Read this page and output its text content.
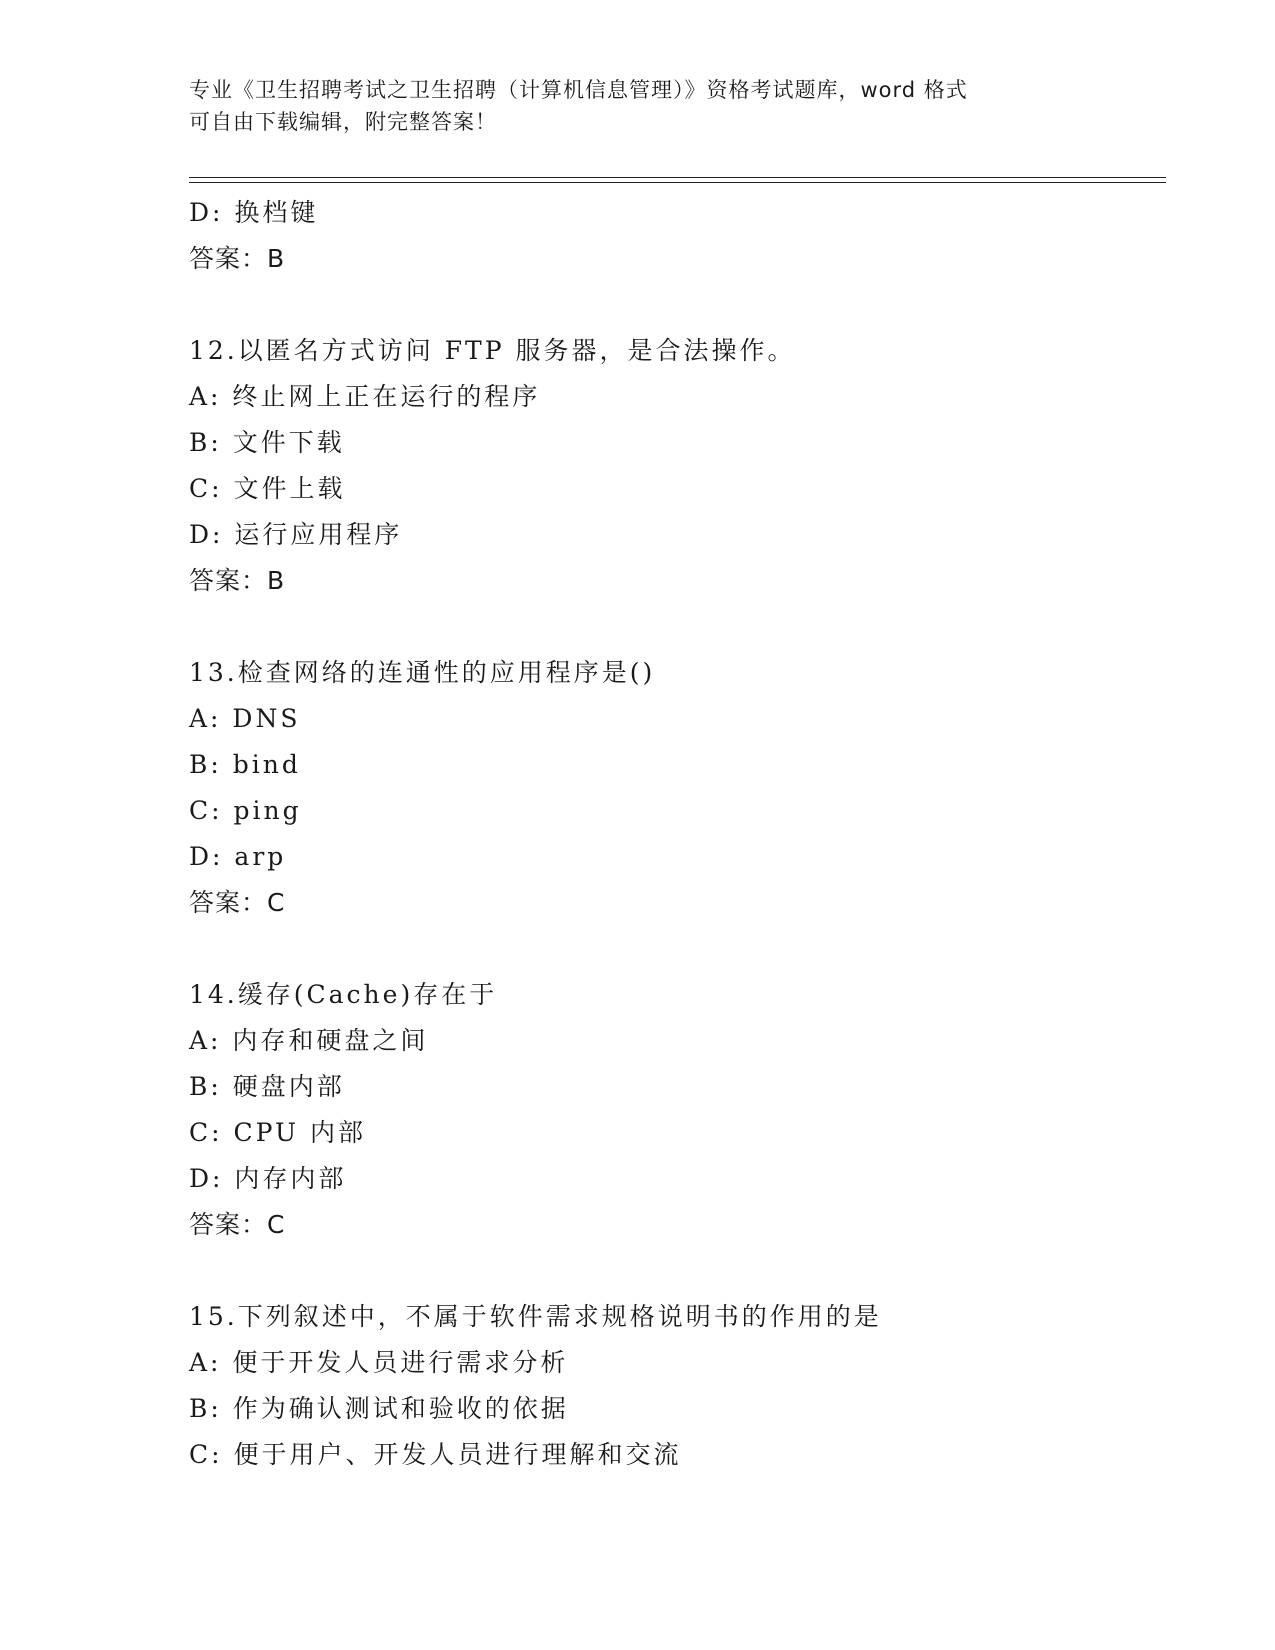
专业《卫生招聘考试之卫生招聘（计算机信息管理）》资格考试题库，word 格式
可自由下载编辑，附完整答案！
D: 换档键
答案：B
12.以匿名方式访问 FTP 服务器，是合法操作。
A: 终止网上正在运行的程序
B: 文件下载
C: 文件上载
D: 运行应用程序
答案：B
13.检查网络的连通性的应用程序是()
A: DNS
B: bind
C: ping
D: arp
答案：C
14.缓存(Cache)存在于
A: 内存和硬盘之间
B: 硬盘内部
C: CPU 内部
D: 内存内部
答案：C
15.下列叙述中，不属于软件需求规格说明书的作用的是
A: 便于开发人员进行需求分析
B: 作为确认测试和验收的依据
C: 便于用户、开发人员进行理解和交流
